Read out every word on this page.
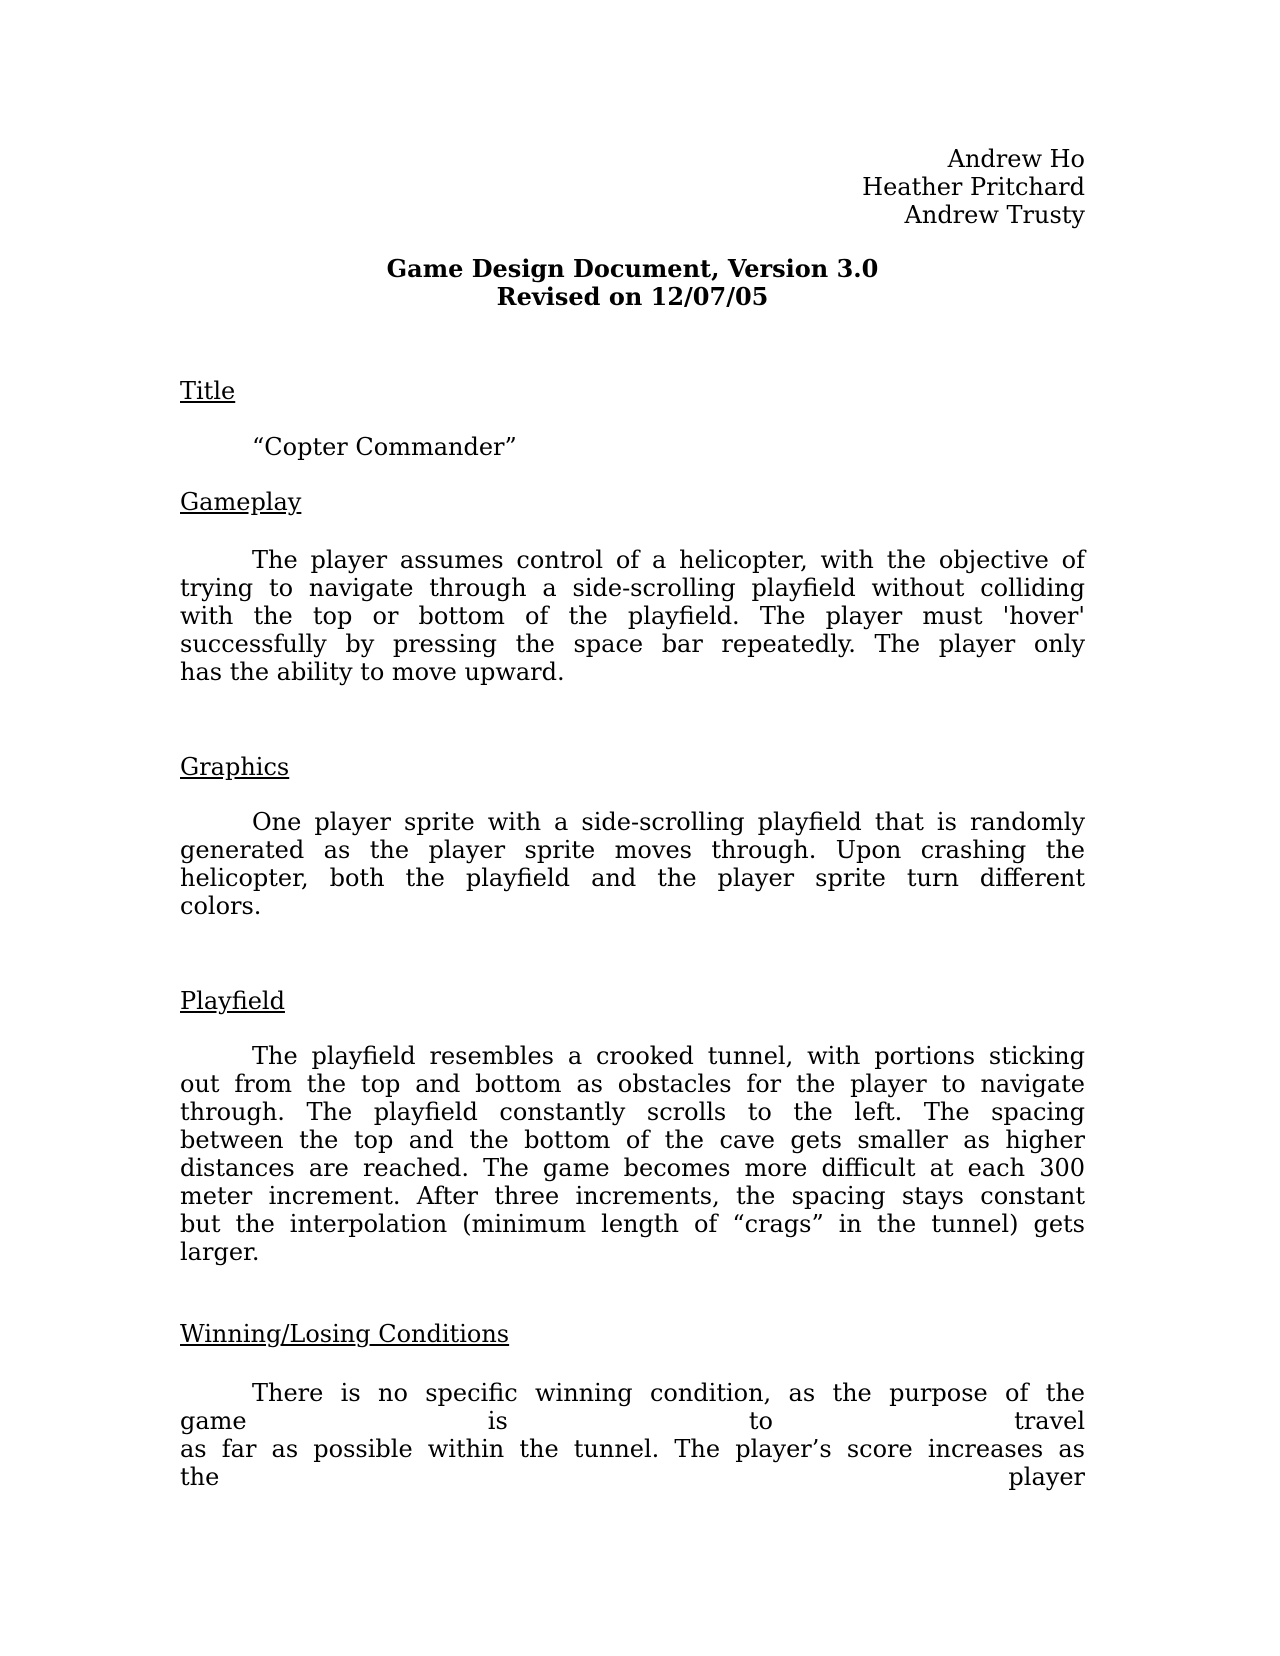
Andrew Ho
Heather Pritchard
Andrew Trusty
Game Design Document, Version 3.0
Revised on 12/07/05
Title
“Copter Commander”
Gameplay
The player assumes control of a helicopter, with the objective of
trying to navigate through a side-scrolling playfield without colliding
with the top or bottom of the playfield. The player must 'hover'
successfully by pressing the space bar repeatedly. The player only
has the ability to move upward.
Graphics
One player sprite with a side-scrolling playfield that is randomly
generated as the player sprite moves through. Upon crashing the
helicopter, both the playfield and the player sprite turn different
colors.
Playfield
The playfield resembles a crooked tunnel, with portions sticking
out from the top and bottom as obstacles for the player to navigate
through. The playfield constantly scrolls to the left. The spacing
between the top and the bottom of the cave gets smaller as higher
distances are reached. The game becomes more difficult at each 300
meter increment. After three increments, the spacing stays constant
but the interpolation (minimum length of “crags” in the tunnel) gets
larger.
Winning/Losing Conditions
There is no specific winning condition, as the purpose of the
game is to travel
as far as possible within the tunnel. The player’s score increases as
the player
